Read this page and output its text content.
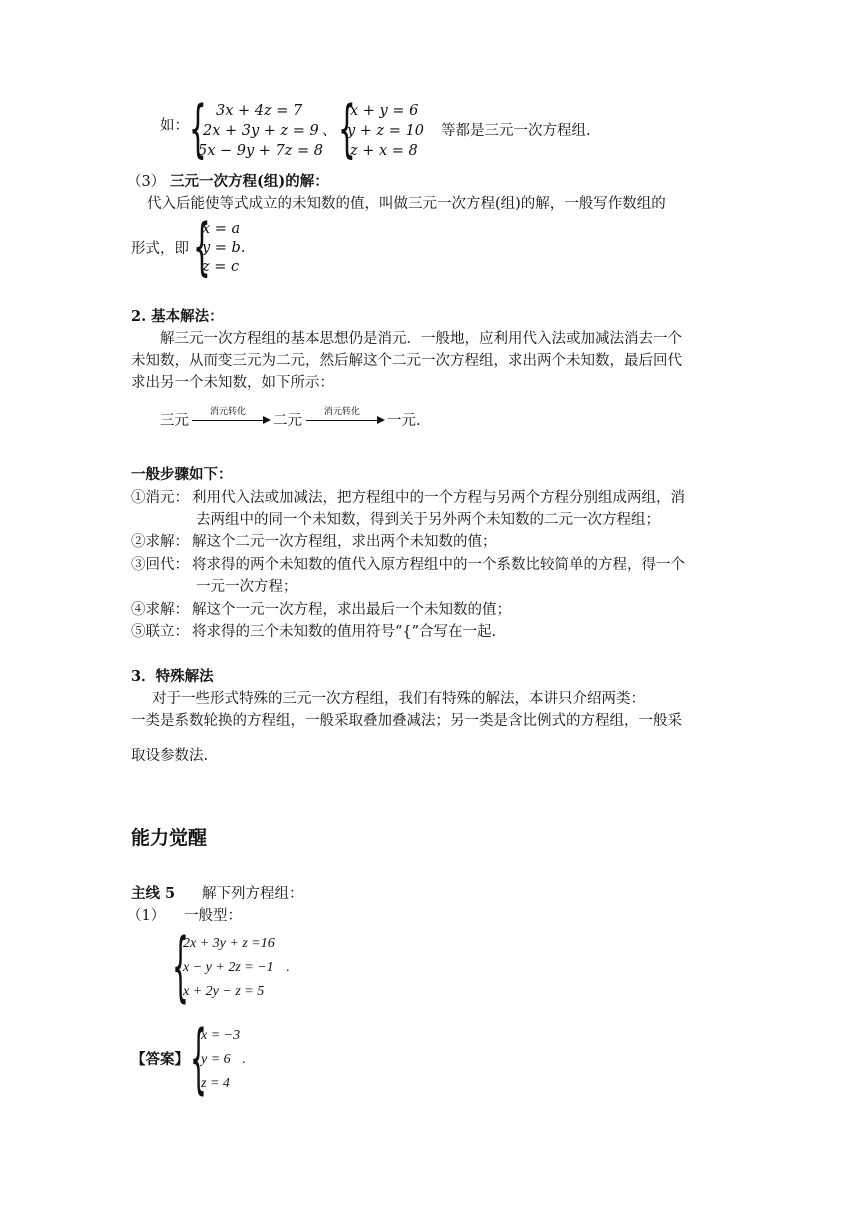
如： { 3𝑥 + 4𝑧 = 7
2𝑥 + 3𝑦 + 𝑧 = 9
5𝑥 − 9𝑦 + 7𝑧 = 8
、 {
𝑥 + 𝑦 = 6
𝑦 + 𝑧 = 10
𝑧 + 𝑥 = 8
等都是三元一次方程组.
（3） 三元一次方程(组)的解：
代入后能使等式成立的未知数的值，叫做三元一次方程(组)的解，一般写作数组的
形式，即 {
𝑥 = 𝑎
𝑦 = 𝑏.
𝑧 = 𝑐
2. 基本解法：
解三元一次方程组的基本思想仍是消元．一般地，应利用代入法或加减法消去一个
未知数，从而变三元为二元，然后解这个二元一次方程组，求出两个未知数，最后回代
求出另一个未知数，如下所示：
三元
消元转化
二元
消元转化
一元.
一般步骤如下：
①消元： 利用代入法或加减法，把方程组中的一个方程与另两个方程分别组成两组，消
去两组中的同一个未知数，得到关于另外两个未知数的二元一次方程组；
②求解： 解这个二元一次方程组，求出两个未知数的值；
③回代： 将求得的两个未知数的值代入原方程组中的一个系数比较简单的方程，得一个
一元一次方程；
④求解： 解这个一元一次方程，求出最后一个未知数的值；
⑤联立： 将求得的三个未知数的值用符号“{”合写在一起.
3．特殊解法
对于一些形式特殊的三元一次方程组，我们有特殊的解法，本讲只介绍两类：
一类是系数轮换的方程组，一般采取叠加叠减法；另一类是含比例式的方程组，一般采
取设参数法.
能力觉醒
主线 5 解下列方程组：
（1） 一般型：
{
2x + 3y + z =16
x − y + 2z = −1
x + 2y − z = 5
.
【答案】 {
x = −3
y = 6
z = 4
.
